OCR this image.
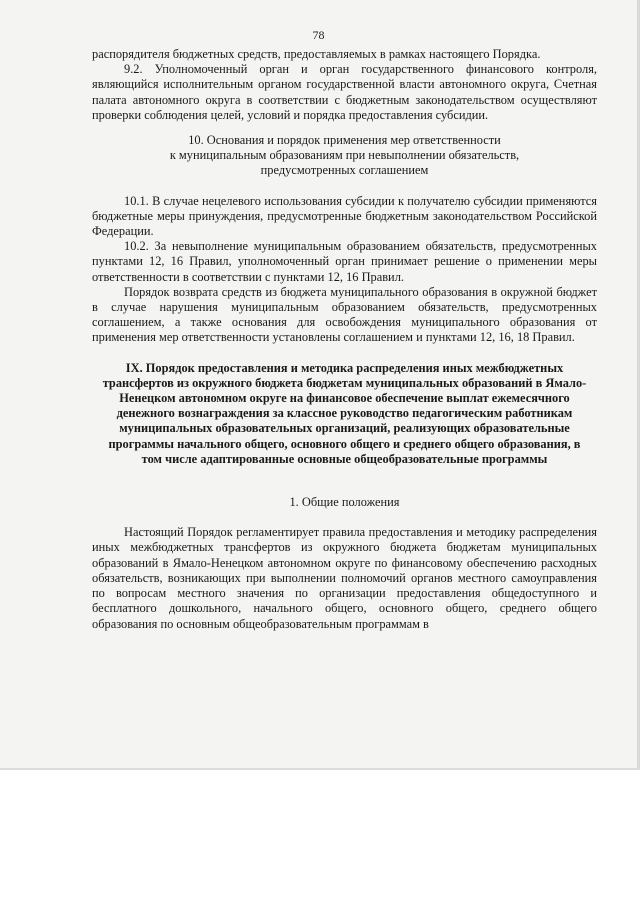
78

распорядителя бюджетных средств, предоставляемых в рамках настоящего Порядка.

9.2. Уполномоченный орган и орган государственного финансового контроля, являющийся исполнительным органом государственной власти автономного округа, Счетная палата автономного округа в соответствии с бюджетным законодательством осуществляют проверки соблюдения целей, условий и порядка предоставления субсидии.

10. Основания и порядок применения мер ответственности

к муниципальным образованиям при невыполнении обязательств,

предусмотренных соглашением

10.1. В случае нецелевого использования субсидии к получателю субсидии применяются бюджетные меры принуждения, предусмотренные бюджетным законодательством Российской Федерации.

10.2. За невыполнение муниципальным образованием обязательств, предусмотренных пунктами 12, 16 Правил, уполномоченный орган принимает решение о применении меры ответственности в соответствии с пунктами 12, 16 Правил.

Порядок возврата средств из бюджета муниципального образования в окружной бюджет в случае нарушения муниципальным образованием обязательств, предусмотренных соглашением, а также основания для освобождения муниципального образования от применения мер ответственности установлены соглашением и пунктами 12, 16, 18 Правил.

IX. Порядок предоставления и методика распределения иных межбюджетных трансфертов из окружного бюджета бюджетам муниципальных образований в Ямало-Ненецком автономном округе на финансовое обеспечение выплат ежемесячного денежного вознаграждения за классное руководство педагогическим работникам муниципальных образовательных организаций, реализующих образовательные программы начального общего, основного общего и среднего общего образования, в том числе адаптированные основные общеобразовательные программы

1. Общие положения

Настоящий Порядок регламентирует правила предоставления и методику распределения иных межбюджетных трансфертов из окружного бюджета бюджетам муниципальных образований в Ямало-Ненецком автономном округе по финансовому обеспечению расходных обязательств, возникающих при выполнении полномочий органов местного самоуправления по вопросам местного значения по организации предоставления общедоступного и бесплатного дошкольного, начального общего, основного общего, среднего общего образования по основным общеобразовательным программам в
